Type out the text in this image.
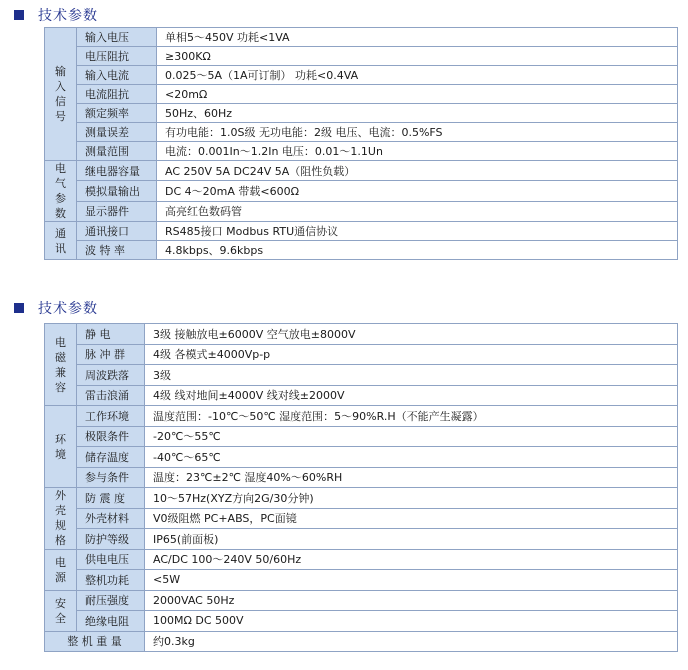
技术参数
输入信号	输入电压	单相5～450V 功耗<1VA
	电压阻抗	≥300KΩ
	输入电流	0.025～5A（1A可订制） 功耗<0.4VA
	电流阻抗	<20mΩ
	额定频率	50Hz、60Hz
	测量误差	有功电能：1.0S级 无功电能：2级 电压、电流：0.5%FS
	测量范围	电流：0.001In～1.2In 电压：0.01～1.1Un
电气参数	继电器容量	AC 250V 5A DC24V 5A（阻性负载）
	模拟量输出	DC 4～20mA 带载<600Ω
	显示器件	高亮红色数码管
通讯	通讯接口	RS485接口 Modbus RTU通信协议
	波 特 率	4.8kbps、9.6kbps
技术参数
电磁兼容	静 电	3级 接触放电±6000V 空气放电±8000V
	脉 冲 群	4级 各模式±4000Vp-p
	周波跌落	3级
	雷击浪涌	4级 线对地间±4000V 线对线±2000V
环境	工作环境	温度范围：-10℃～50℃ 湿度范围：5～90%R.H（不能产生凝露）
	极限条件	-20℃～55℃
	储存温度	-40℃～65℃
	参与条件	温度：23℃±2℃ 湿度40%～60%RH
外壳规格	防 震 度	10～57Hz(XYZ方向2G/30分钟)
	外壳材料	V0级阻燃 PC+ABS，PC面镜
	防护等级	IP65(前面板)
电源	供电电压	AC/DC 100～240V 50/60Hz
	整机功耗	<5W
安全	耐压强度	2000VAC 50Hz
	绝缘电阻	100MΩ DC 500V
整 机 重 量		约0.3kg
